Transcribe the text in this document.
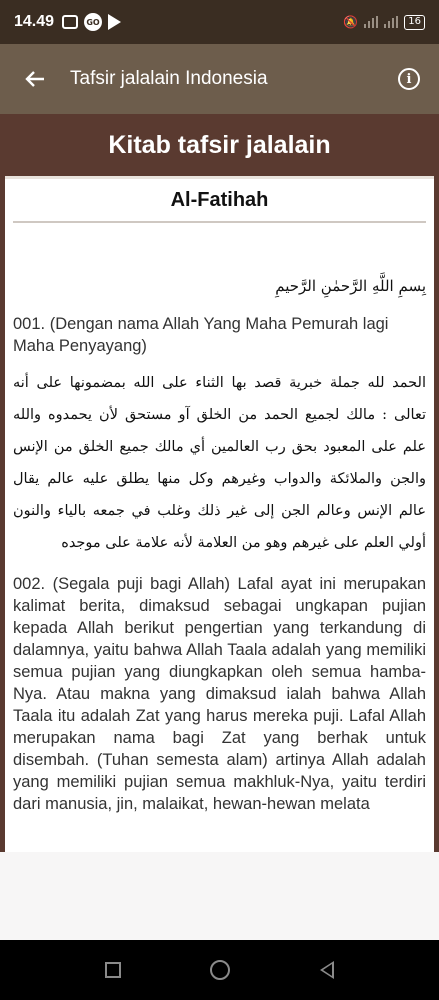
14.49	GO	🔕	16
Tafsir jalalain Indonesia	i
Kitab tafsir jalalain
Al-Fatihah
بِسمِ اللَّهِ الرَّحمٰنِ الرَّحيمِ
001. (Dengan nama Allah Yang Maha Pemurah lagi Maha Penyayang)
الحمد لله جملة خبرية قصد بها الثناء على الله بمضمونها على أنه تعالى : مالك لجميع الحمد من الخلق آو مستحق لأن يحمدوه والله علم على المعبود بحق رب العالمين أي مالك جميع الخلق من الإنس والجن والملائكة والدواب وغيرهم وكل منها يطلق عليه عالم يقال عالم الإنس وعالم الجن إلى غير ذلك وغلب في جمعه بالياء والنون أولي العلم على غيرهم وهو من العلامة لأنه علامة على موجده
002. (Segala puji bagi Allah) Lafal ayat ini merupakan kalimat berita, dimaksud sebagai ungkapan pujian kepada Allah berikut pengertian yang terkandung di dalamnya, yaitu bahwa Allah Taala adalah yang memiliki semua pujian yang diungkapkan oleh semua hamba-Nya. Atau makna yang dimaksud ialah bahwa Allah Taala itu adalah Zat yang harus mereka puji. Lafal Allah merupakan nama bagi Zat yang berhak untuk disembah. (Tuhan semesta alam) artinya Allah adalah yang memiliki pujian semua makhluk-Nya, yaitu terdiri dari manusia, jin, malaikat, hewan-hewan melata
